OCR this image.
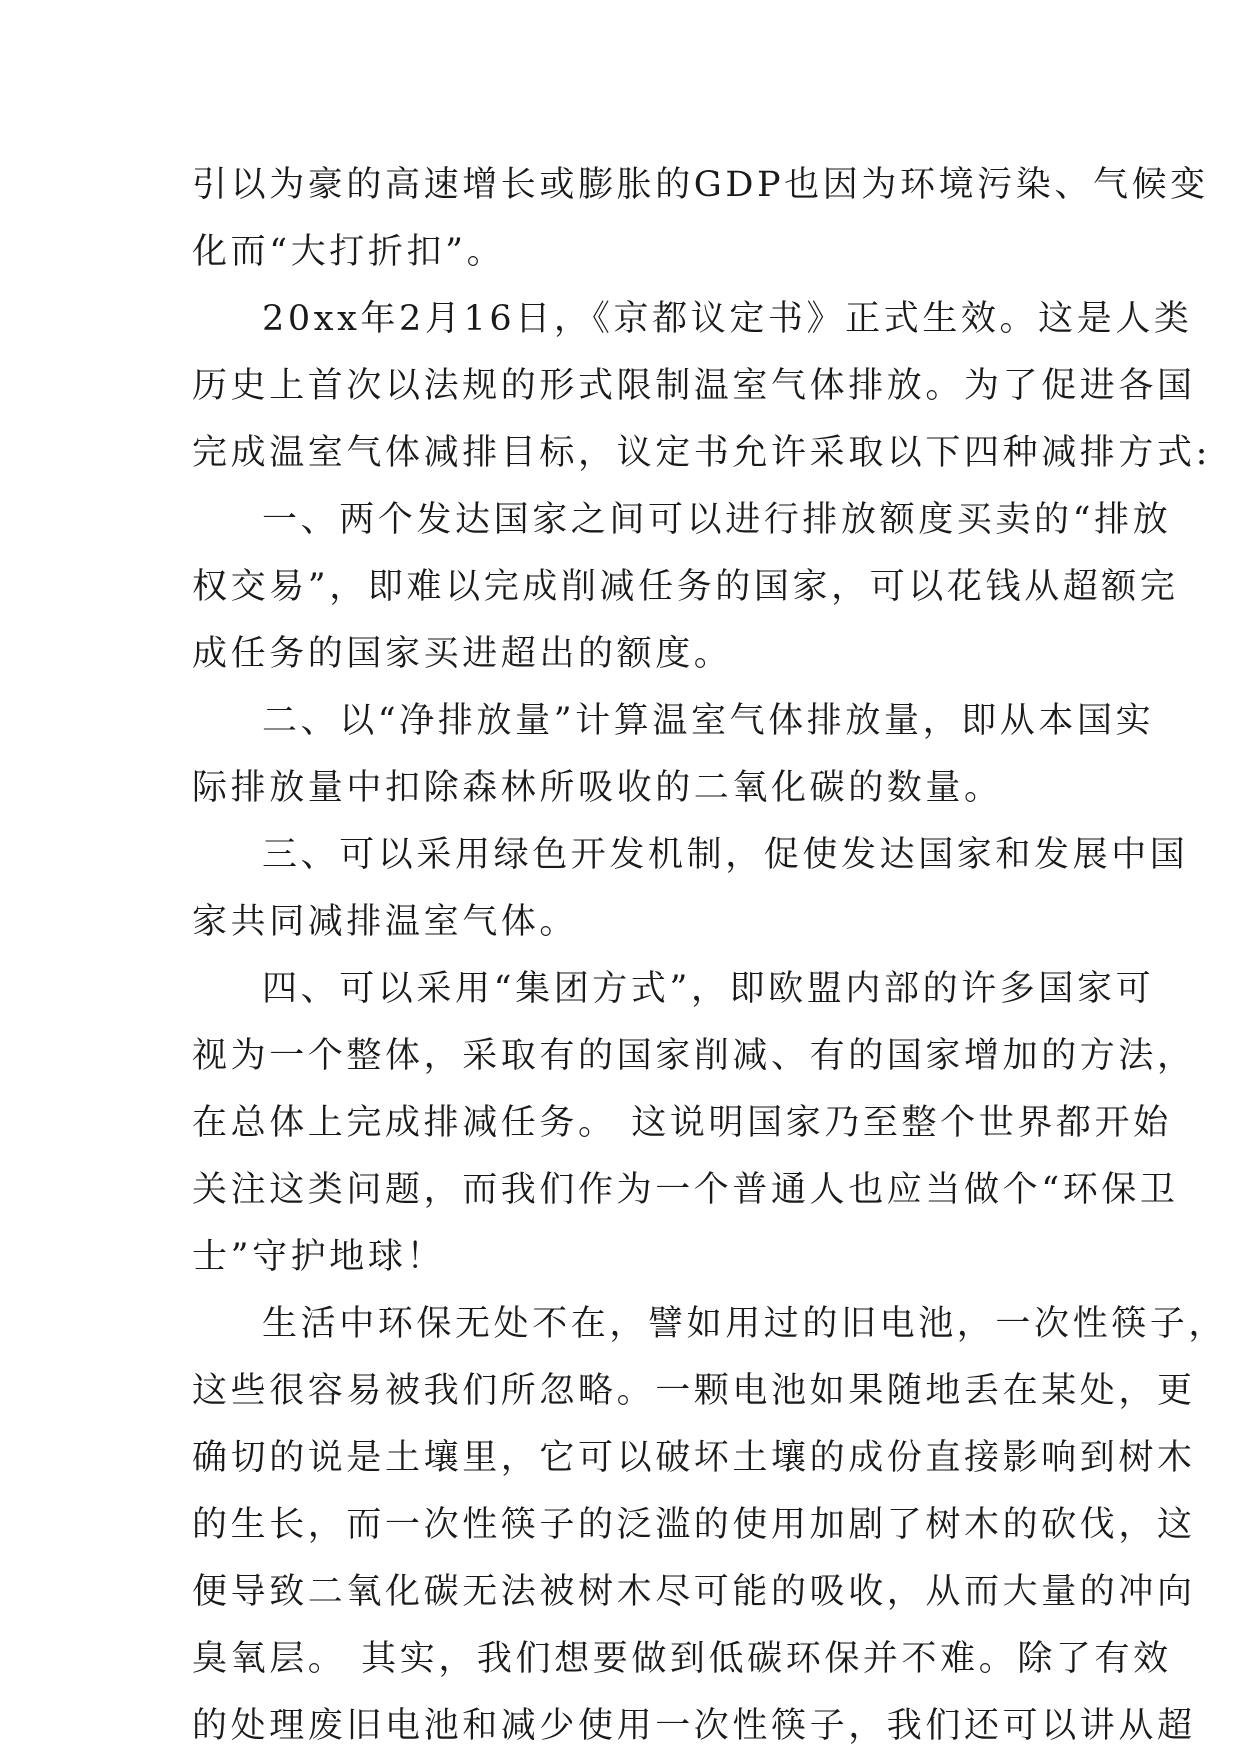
引以为豪的高速增长或膨胀的GDP也因为环境污染、气候变
化而“大打折扣”。
20xx年2月16日，《京都议定书》正式生效。这是人类
历史上首次以法规的形式限制温室气体排放。为了促进各国
完成温室气体减排目标，议定书允许采取以下四种减排方式:
一、两个发达国家之间可以进行排放额度买卖的“排放
权交易”，即难以完成削减任务的国家，可以花钱从超额完
成任务的国家买进超出的额度。
二、以“净排放量”计算温室气体排放量，即从本国实
际排放量中扣除森林所吸收的二氧化碳的数量。
三、可以采用绿色开发机制，促使发达国家和发展中国
家共同减排温室气体。
四、可以采用“集团方式”，即欧盟内部的许多国家可
视为一个整体，采取有的国家削减、有的国家增加的方法，
在总体上完成排减任务。 这说明国家乃至整个世界都开始
关注这类问题，而我们作为一个普通人也应当做个“环保卫
士”守护地球！
生活中环保无处不在，譬如用过的旧电池，一次性筷子，
这些很容易被我们所忽略。一颗电池如果随地丢在某处，更
确切的说是土壤里，它可以破坏土壤的成份直接影响到树木
的生长，而一次性筷子的泛滥的使用加剧了树木的砍伐，这
便导致二氧化碳无法被树木尽可能的吸收，从而大量的冲向
臭氧层。 其实，我们想要做到低碳环保并不难。除了有效
的处理废旧电池和减少使用一次性筷子，我们还可以讲从超
